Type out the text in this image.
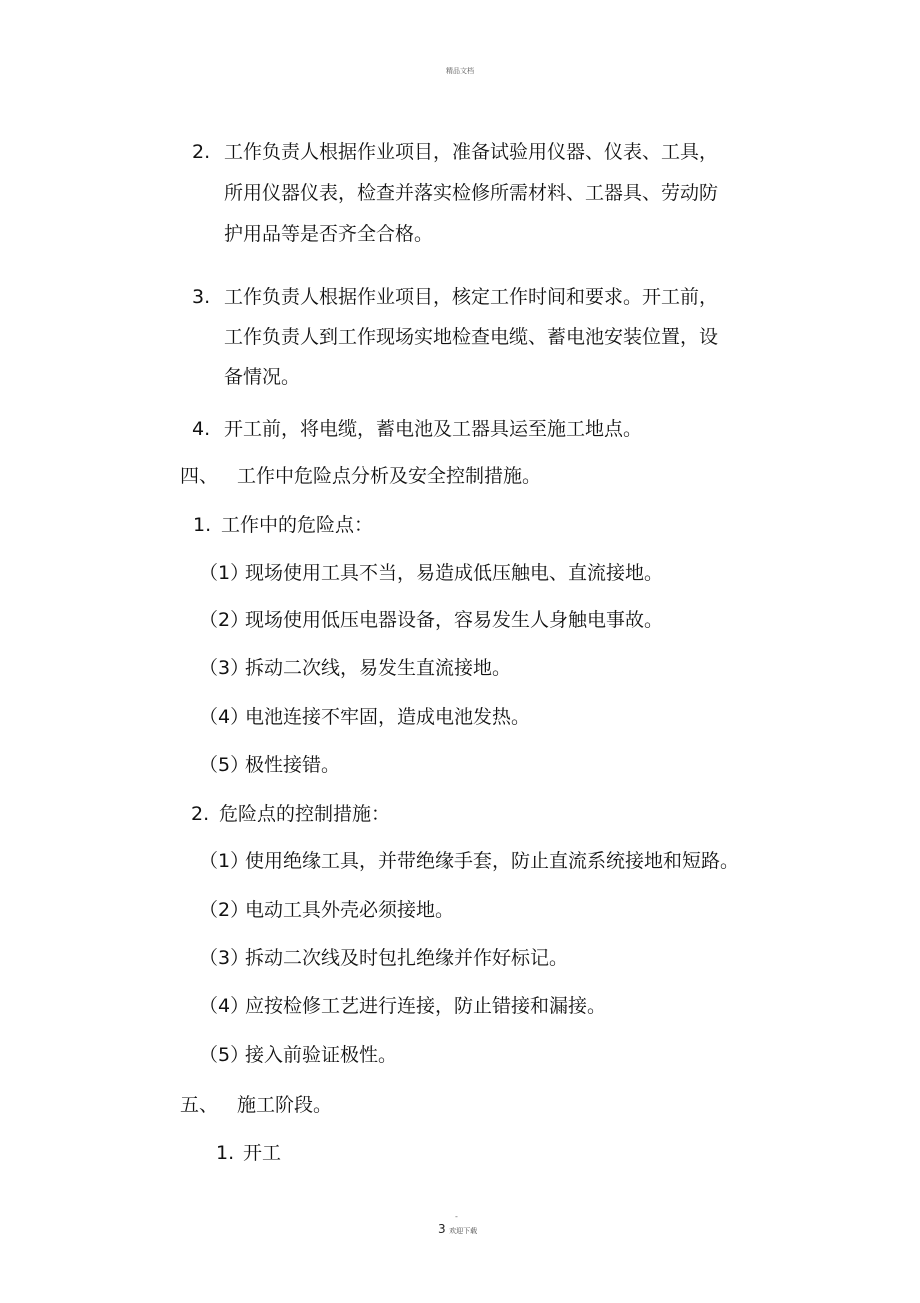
精品文档
2. 工作负责人根据作业项目，准备试验用仪器、仪表、工具，
所用仪器仪表，检查并落实检修所需材料、工器具、劳动防
护用品等是否齐全合格。
3. 工作负责人根据作业项目，核定工作时间和要求。开工前，
工作负责人到工作现场实地检查电缆、蓄电池安装位置，设
备情况。
4. 开工前，将电缆，蓄电池及工器具运至施工地点。
四、 工作中危险点分析及安全控制措施。
1. 工作中的危险点：
（1）
现场使用工具不当，易造成低压触电、直流接地。
（2）
现场使用低压电器设备，容易发生人身触电事故。
（3）
拆动二次线，易发生直流接地。
（4）
电池连接不牢固，造成电池发热。
（5）
极性接错。
2. 危险点的控制措施：
（1）
使用绝缘工具，并带绝缘手套，防止直流系统接地和短路。
（2）
电动工具外壳必须接地。
（3）
拆动二次线及时包扎绝缘并作好标记。
（4）
应按检修工艺进行连接，防止错接和漏接。
（5）
接入前验证极性。
五、 施工阶段。
1. 开工
-
3 欢迎下载
